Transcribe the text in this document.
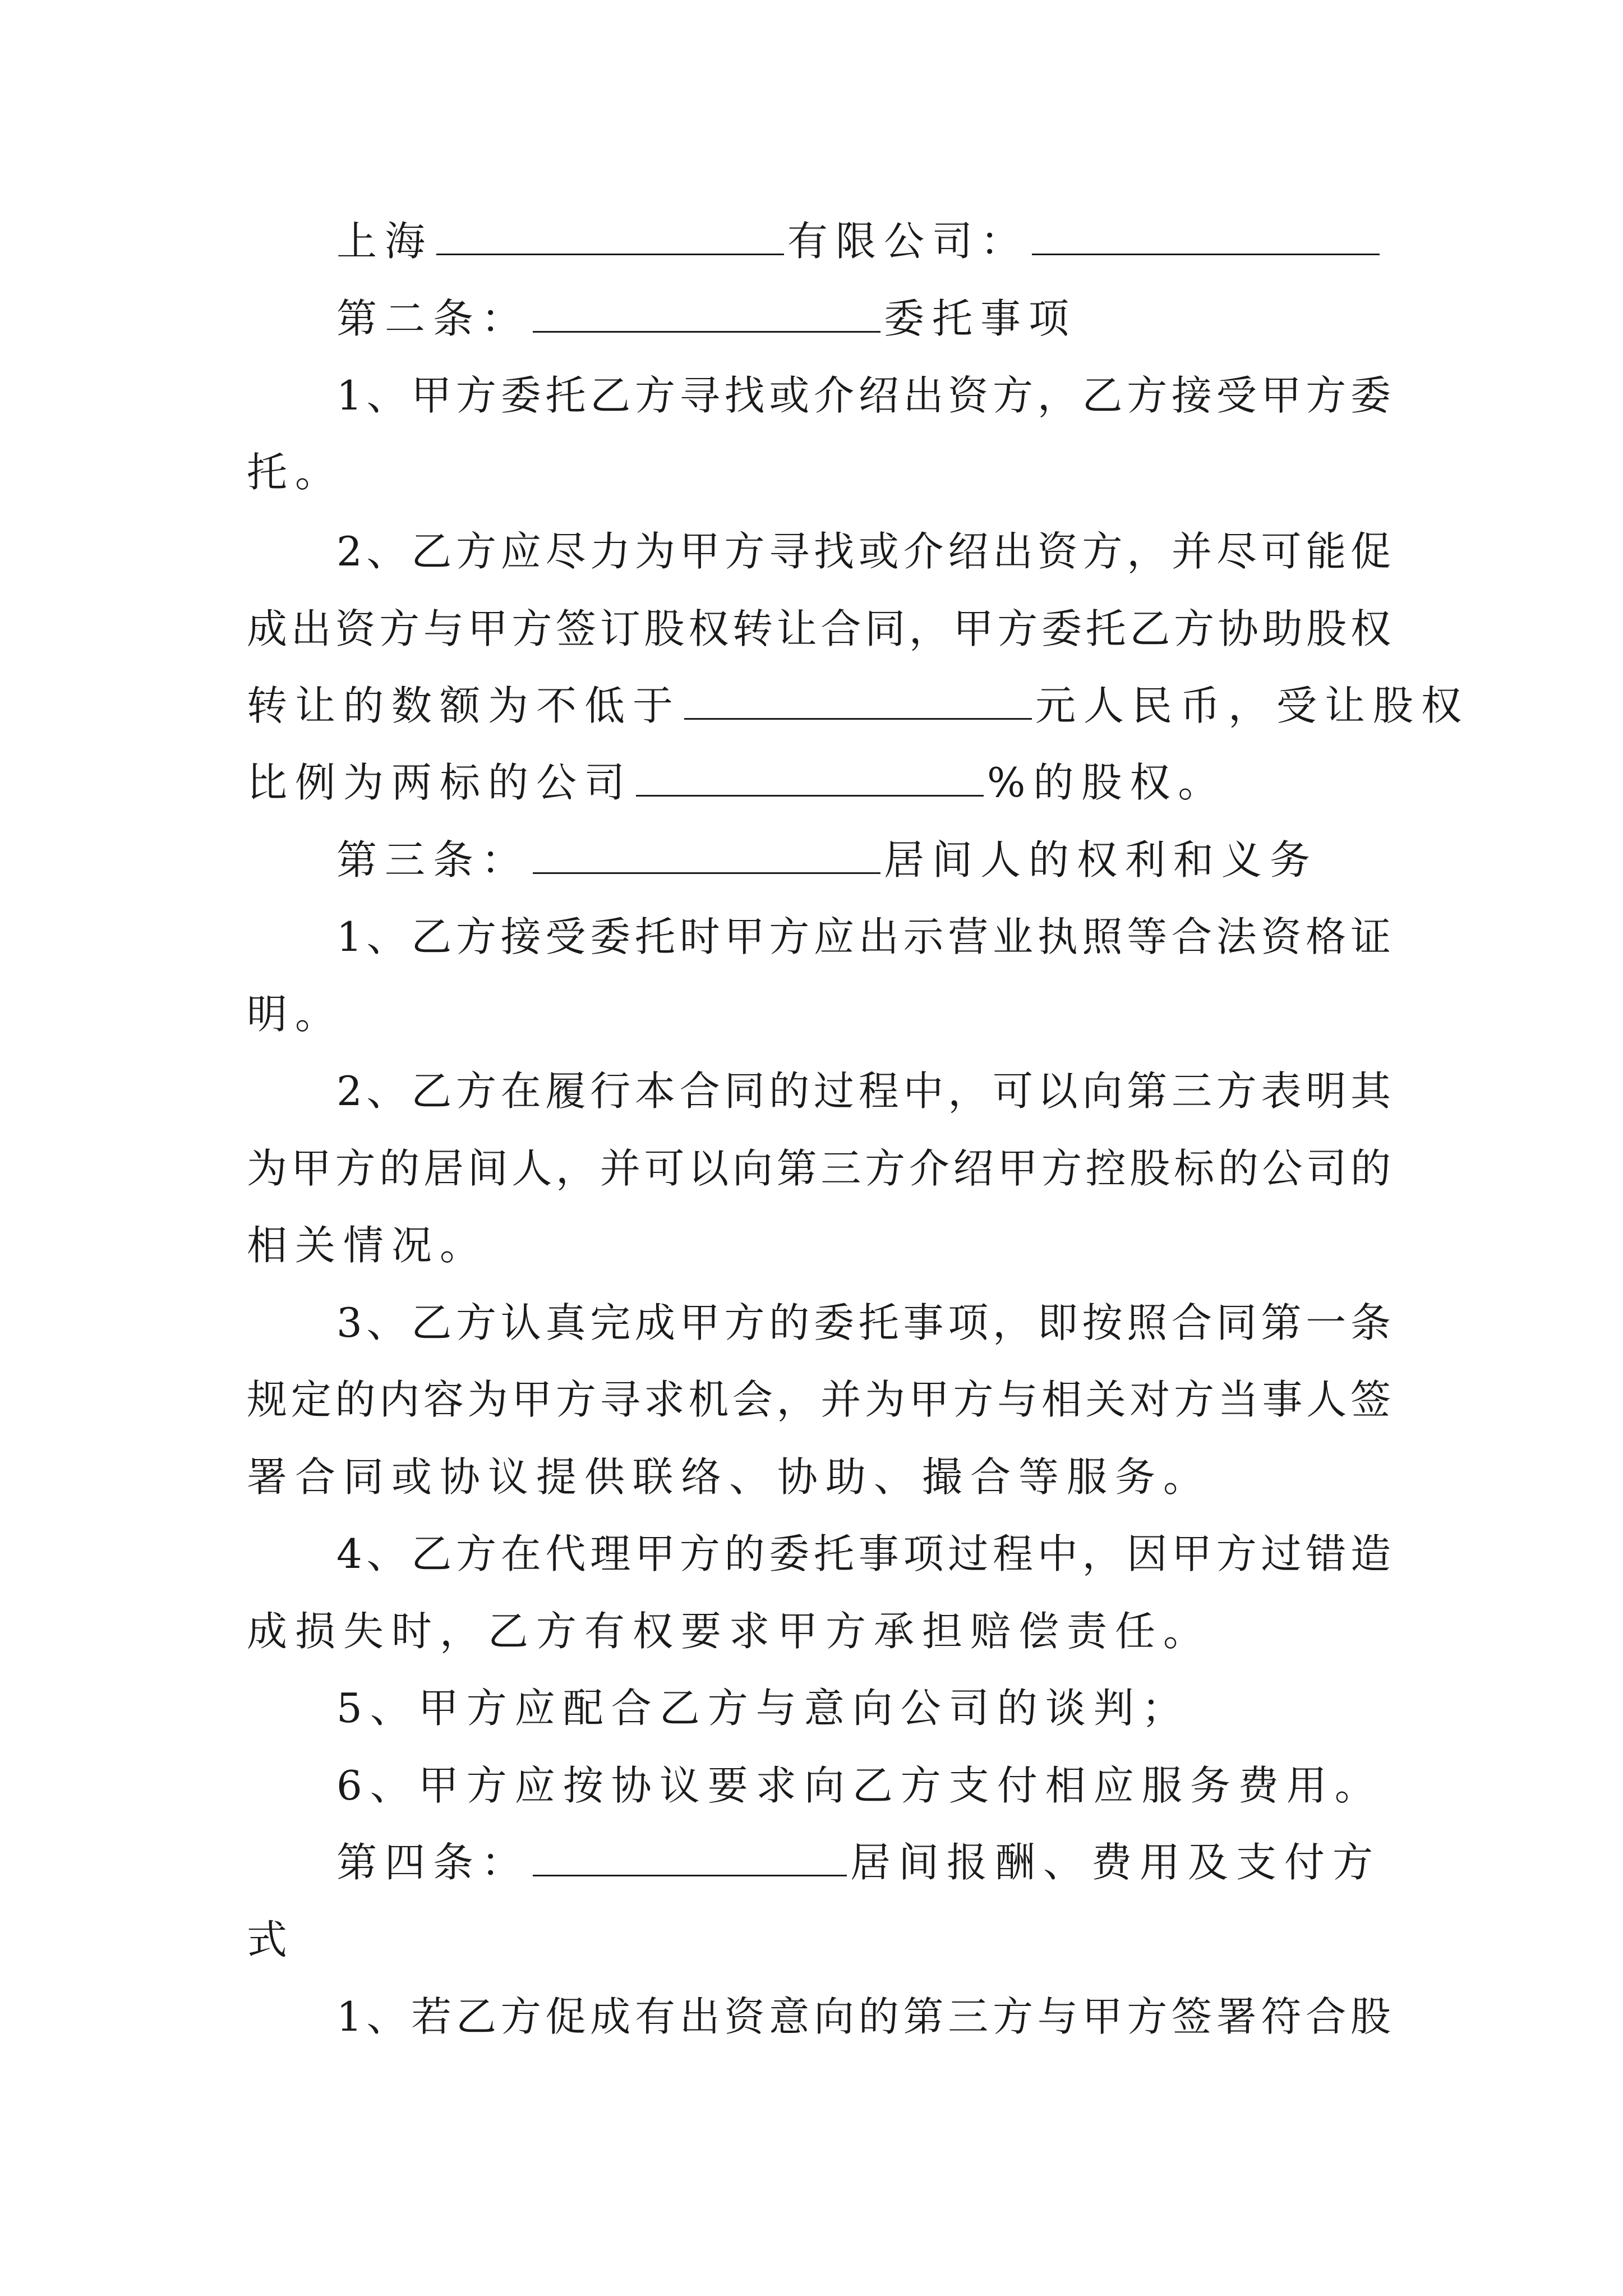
上海	有限公司：
第二条：	委托事项
1、甲方委托乙方寻找或介绍出资方，乙方接受甲方委
托。
2、乙方应尽力为甲方寻找或介绍出资方，并尽可能促
成出资方与甲方签订股权转让合同，甲方委托乙方协助股权
转让的数额为不低于	元人民币，受让股权
比例为两标的公司	%的股权。
第三条：	居间人的权利和义务
1、乙方接受委托时甲方应出示营业执照等合法资格证
明。
2、乙方在履行本合同的过程中，可以向第三方表明其
为甲方的居间人，并可以向第三方介绍甲方控股标的公司的
相关情况。
3、乙方认真完成甲方的委托事项，即按照合同第一条
规定的内容为甲方寻求机会，并为甲方与相关对方当事人签
署合同或协议提供联络、协助、撮合等服务。
4、乙方在代理甲方的委托事项过程中，因甲方过错造
成损失时，乙方有权要求甲方承担赔偿责任。
5、甲方应配合乙方与意向公司的谈判；
6、甲方应按协议要求向乙方支付相应服务费用。
第四条：	居间报酬、费用及支付方
式
1、若乙方促成有出资意向的第三方与甲方签署符合股
